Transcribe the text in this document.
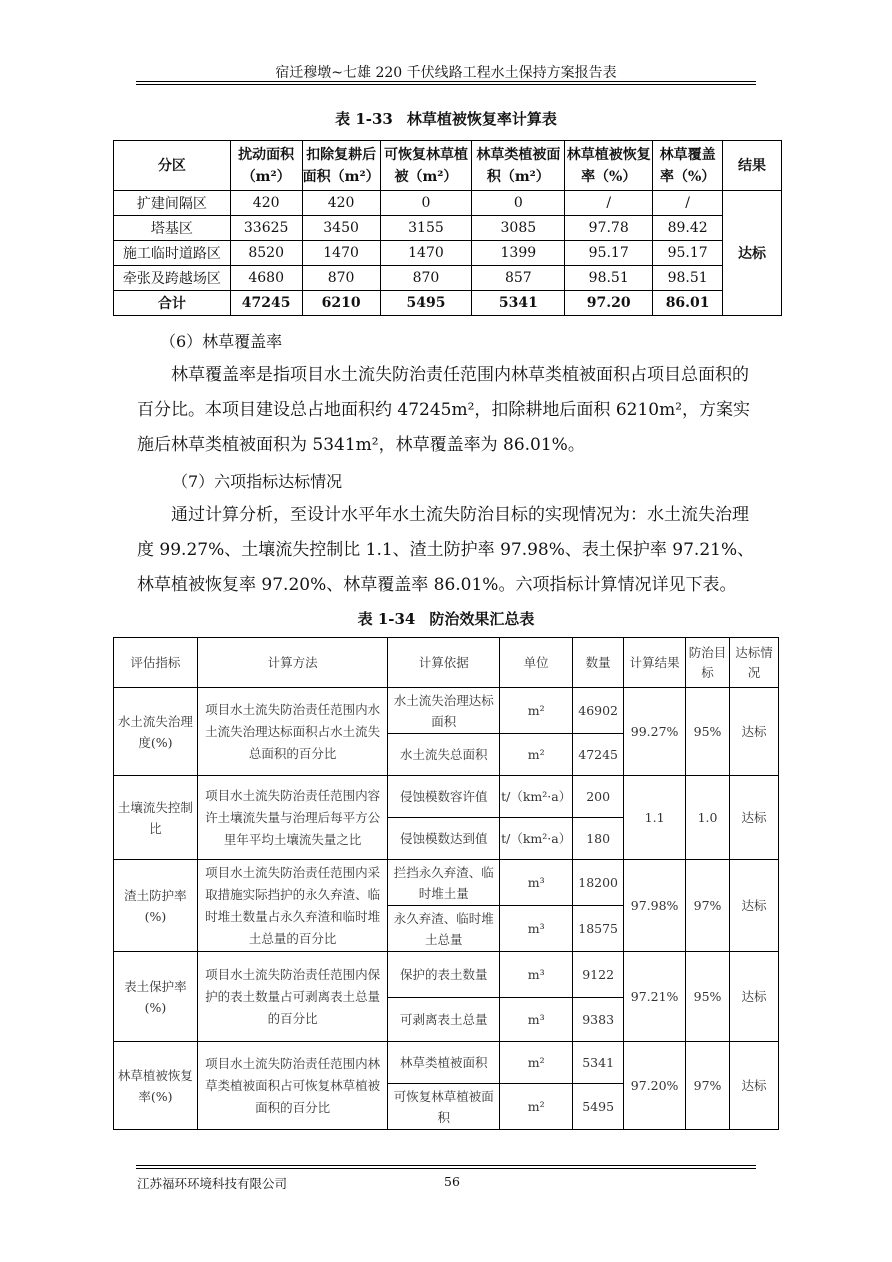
宿迁穆墩~七雄 220 千伏线路工程水土保持方案报告表
表 1-33 林草植被恢复率计算表
分区	扰动面积（m²）	扣除复耕后面积（m²）	可恢复林草植被（m²）	林草类植被面积（m²）	林草植被恢复率（%）	林草覆盖率（%）	结果
扩建间隔区	420	420	0	0	/	/	达标
塔基区	33625	3450	3155	3085	97.78	89.42	
施工临时道路区	8520	1470	1470	1399	95.17	95.17	
牵张及跨越场区	4680	870	870	857	98.51	98.51	
合计	47245	6210	5495	5341	97.20	86.01	
（6）林草覆盖率
林草覆盖率是指项目水土流失防治责任范围内林草类植被面积占项目总面积的百分比。本项目建设总占地面积约 47245m²，扣除耕地后面积 6210m²，方案实施后林草类植被面积为 5341m²，林草覆盖率为 86.01%。
（7）六项指标达标情况
通过计算分析，至设计水平年水土流失防治目标的实现情况为：水土流失治理度 99.27%、土壤流失控制比 1.1、渣土防护率 97.98%、表土保护率 97.21%、林草植被恢复率 97.20%、林草覆盖率 86.01%。六项指标计算情况详见下表。
表 1-34 防治效果汇总表
评估指标	计算方法	计算依据	单位	数量	计算结果	防治目标	达标情况
水土流失治理度(%)	项目水土流失防治责任范围内水土流失治理达标面积占水土流失总面积的百分比	水土流失治理达标面积	m²	46902	99.27%	95%	达标
		水土流失总面积	m²	47245			
土壤流失控制比	项目水土流失防治责任范围内容许土壤流失量与治理后每平方公里年平均土壤流失量之比	侵蚀模数容许值	t/（km²·a）	200	1.1	1.0	达标
		侵蚀模数达到值	t/（km²·a）	180			
渣土防护率(%)	项目水土流失防治责任范围内采取措施实际挡护的永久弃渣、临时堆土数量占永久弃渣和临时堆土总量的百分比	拦挡永久弃渣、临时堆土量	m³	18200	97.98%	97%	达标
		永久弃渣、临时堆土总量	m³	18575			
表土保护率(%)	项目水土流失防治责任范围内保护的表土数量占可剥离表土总量的百分比	保护的表土数量	m³	9122	97.21%	95%	达标
		可剥离表土总量	m³	9383			
林草植被恢复率(%)	项目水土流失防治责任范围内林草类植被面积占可恢复林草植被面积的百分比	林草类植被面积	m²	5341	97.20%	97%	达标
		可恢复林草植被面积	m²	5495			
江苏福环环境科技有限公司	56
